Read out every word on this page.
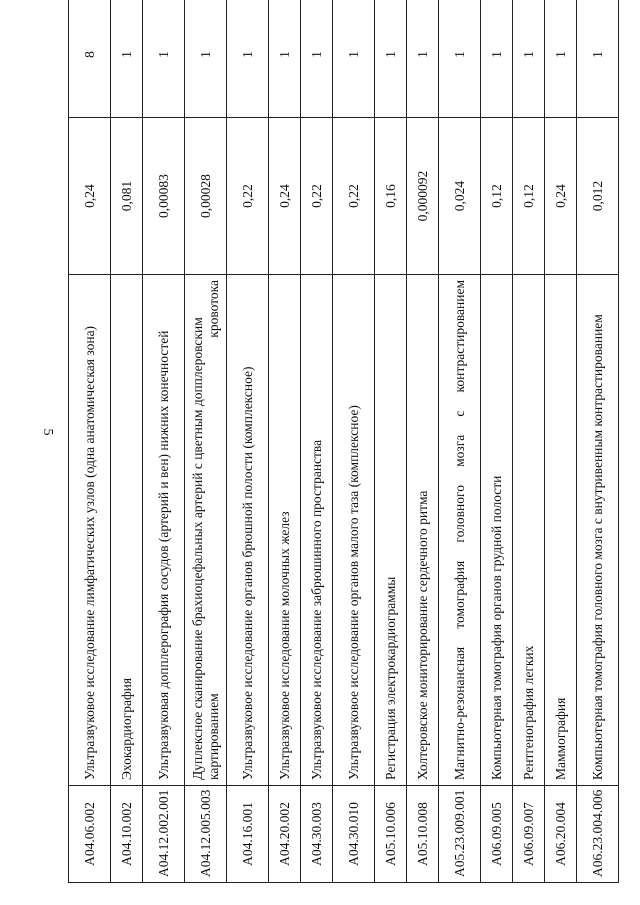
5
А04.06.002	Ультразвуковое исследование лимфатических узлов (одна анатомическая зона)	0,24	8
А04.10.002	Эхокардиография	0,081	1
А04.12.002.001	Ультразвуковая допплерография сосудов (артерий и вен) нижних конечностей	0,00083	1
А04.12.005.003	Дуплексное сканирование брахиоцефальных артерий с цветным допплеровским картированием кровотока	0,00028	1
А04.16.001	Ультразвуковое исследование органов брюшной полости (комплексное)	0,22	1
А04.20.002	Ультразвуковое исследование молочных желез	0,24	1
А04.30.003	Ультразвуковое исследование забрюшинного пространства	0,22	1
А04.30.010	Ультразвуковое исследование органов малого таза (комплексное)	0,22	1
А05.10.006	Регистрация электрокардиограммы	0,16	1
А05.10.008	Холтеровское мониторирование сердечного ритма	0,000092	1
А05.23.009.001	Магнитно-резонансная томография головного мозга с контрастированием	0,024	1
А06.09.005	Компьютерная томография органов грудной полости	0,12	1
А06.09.007	Рентгенография легких	0,12	1
А06.20.004	Маммография	0,24	1
А06.23.004.006	Компьютерная томография головного мозга с внутривенным контрастированием	0,012	1
